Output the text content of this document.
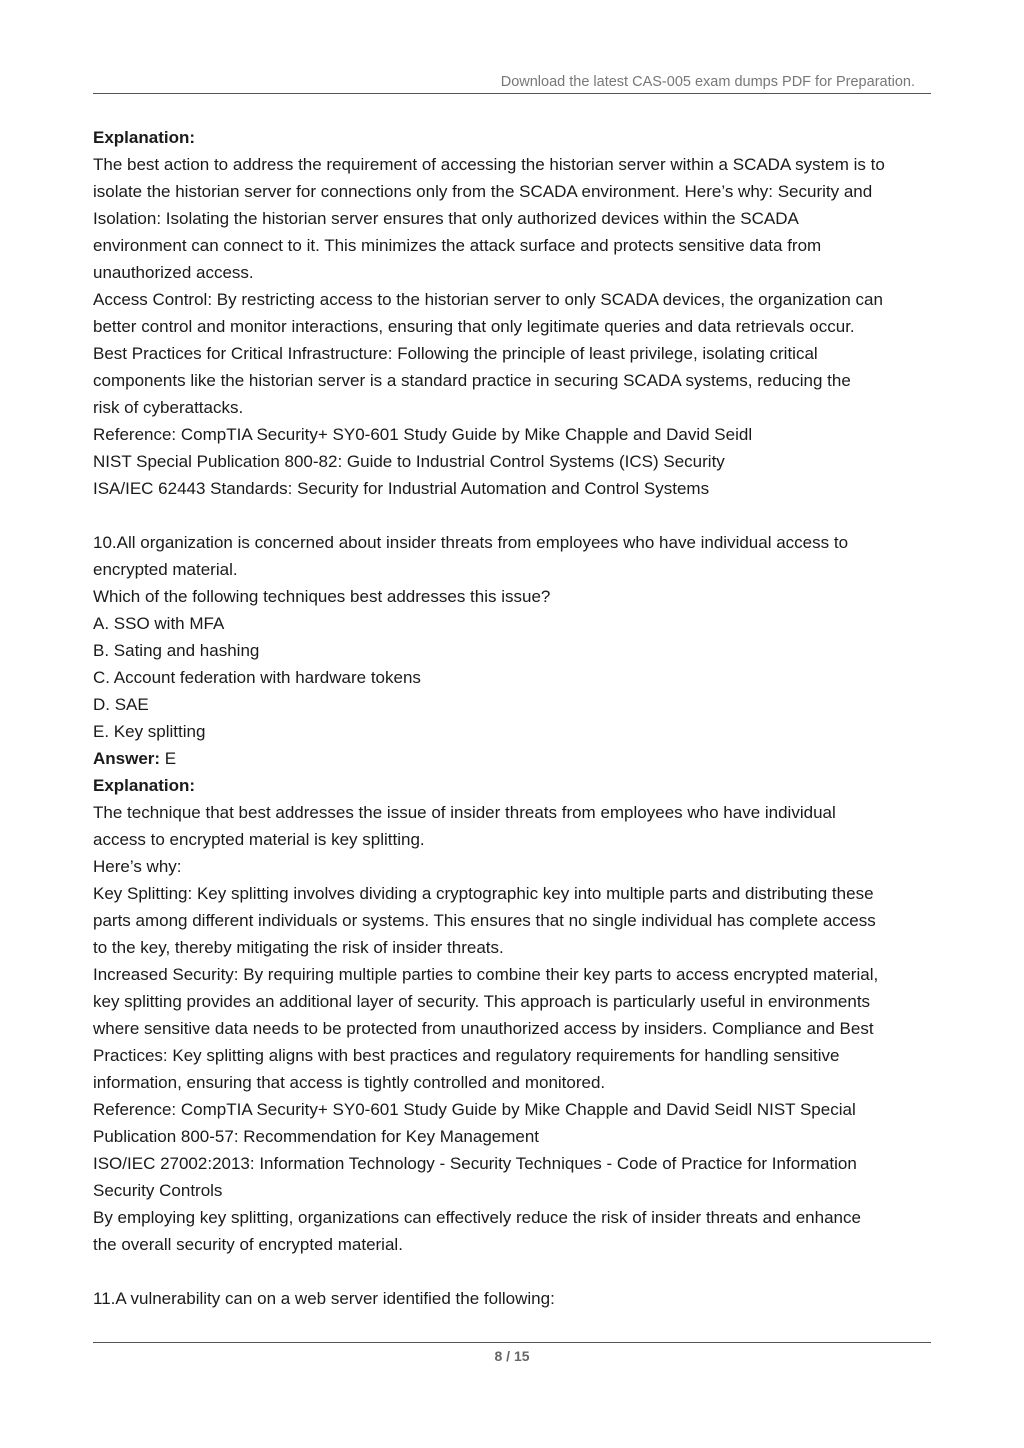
Download the latest CAS-005 exam dumps PDF for Preparation.
Explanation:
The best action to address the requirement of accessing the historian server within a SCADA system is to
isolate the historian server for connections only from the SCADA environment. Here’s why: Security and
Isolation: Isolating the historian server ensures that only authorized devices within the SCADA
environment can connect to it. This minimizes the attack surface and protects sensitive data from
unauthorized access.
Access Control: By restricting access to the historian server to only SCADA devices, the organization can
better control and monitor interactions, ensuring that only legitimate queries and data retrievals occur.
Best Practices for Critical Infrastructure: Following the principle of least privilege, isolating critical
components like the historian server is a standard practice in securing SCADA systems, reducing the
risk of cyberattacks.
Reference: CompTIA Security+ SY0-601 Study Guide by Mike Chapple and David Seidl
NIST Special Publication 800-82: Guide to Industrial Control Systems (ICS) Security
ISA/IEC 62443 Standards: Security for Industrial Automation and Control Systems
10.All organization is concerned about insider threats from employees who have individual access to
encrypted material.
Which of the following techniques best addresses this issue?
A. SSO with MFA
B. Sating and hashing
C. Account federation with hardware tokens
D. SAE
E. Key splitting
Answer: E
Explanation:
The technique that best addresses the issue of insider threats from employees who have individual
access to encrypted material is key splitting.
Here’s why:
Key Splitting: Key splitting involves dividing a cryptographic key into multiple parts and distributing these
parts among different individuals or systems. This ensures that no single individual has complete access
to the key, thereby mitigating the risk of insider threats.
Increased Security: By requiring multiple parties to combine their key parts to access encrypted material,
key splitting provides an additional layer of security. This approach is particularly useful in environments
where sensitive data needs to be protected from unauthorized access by insiders. Compliance and Best
Practices: Key splitting aligns with best practices and regulatory requirements for handling sensitive
information, ensuring that access is tightly controlled and monitored.
Reference: CompTIA Security+ SY0-601 Study Guide by Mike Chapple and David Seidl NIST Special
Publication 800-57: Recommendation for Key Management
ISO/IEC 27002:2013: Information Technology - Security Techniques - Code of Practice for Information
Security Controls
By employing key splitting, organizations can effectively reduce the risk of insider threats and enhance
the overall security of encrypted material.
11.A vulnerability can on a web server identified the following:
8 / 15
